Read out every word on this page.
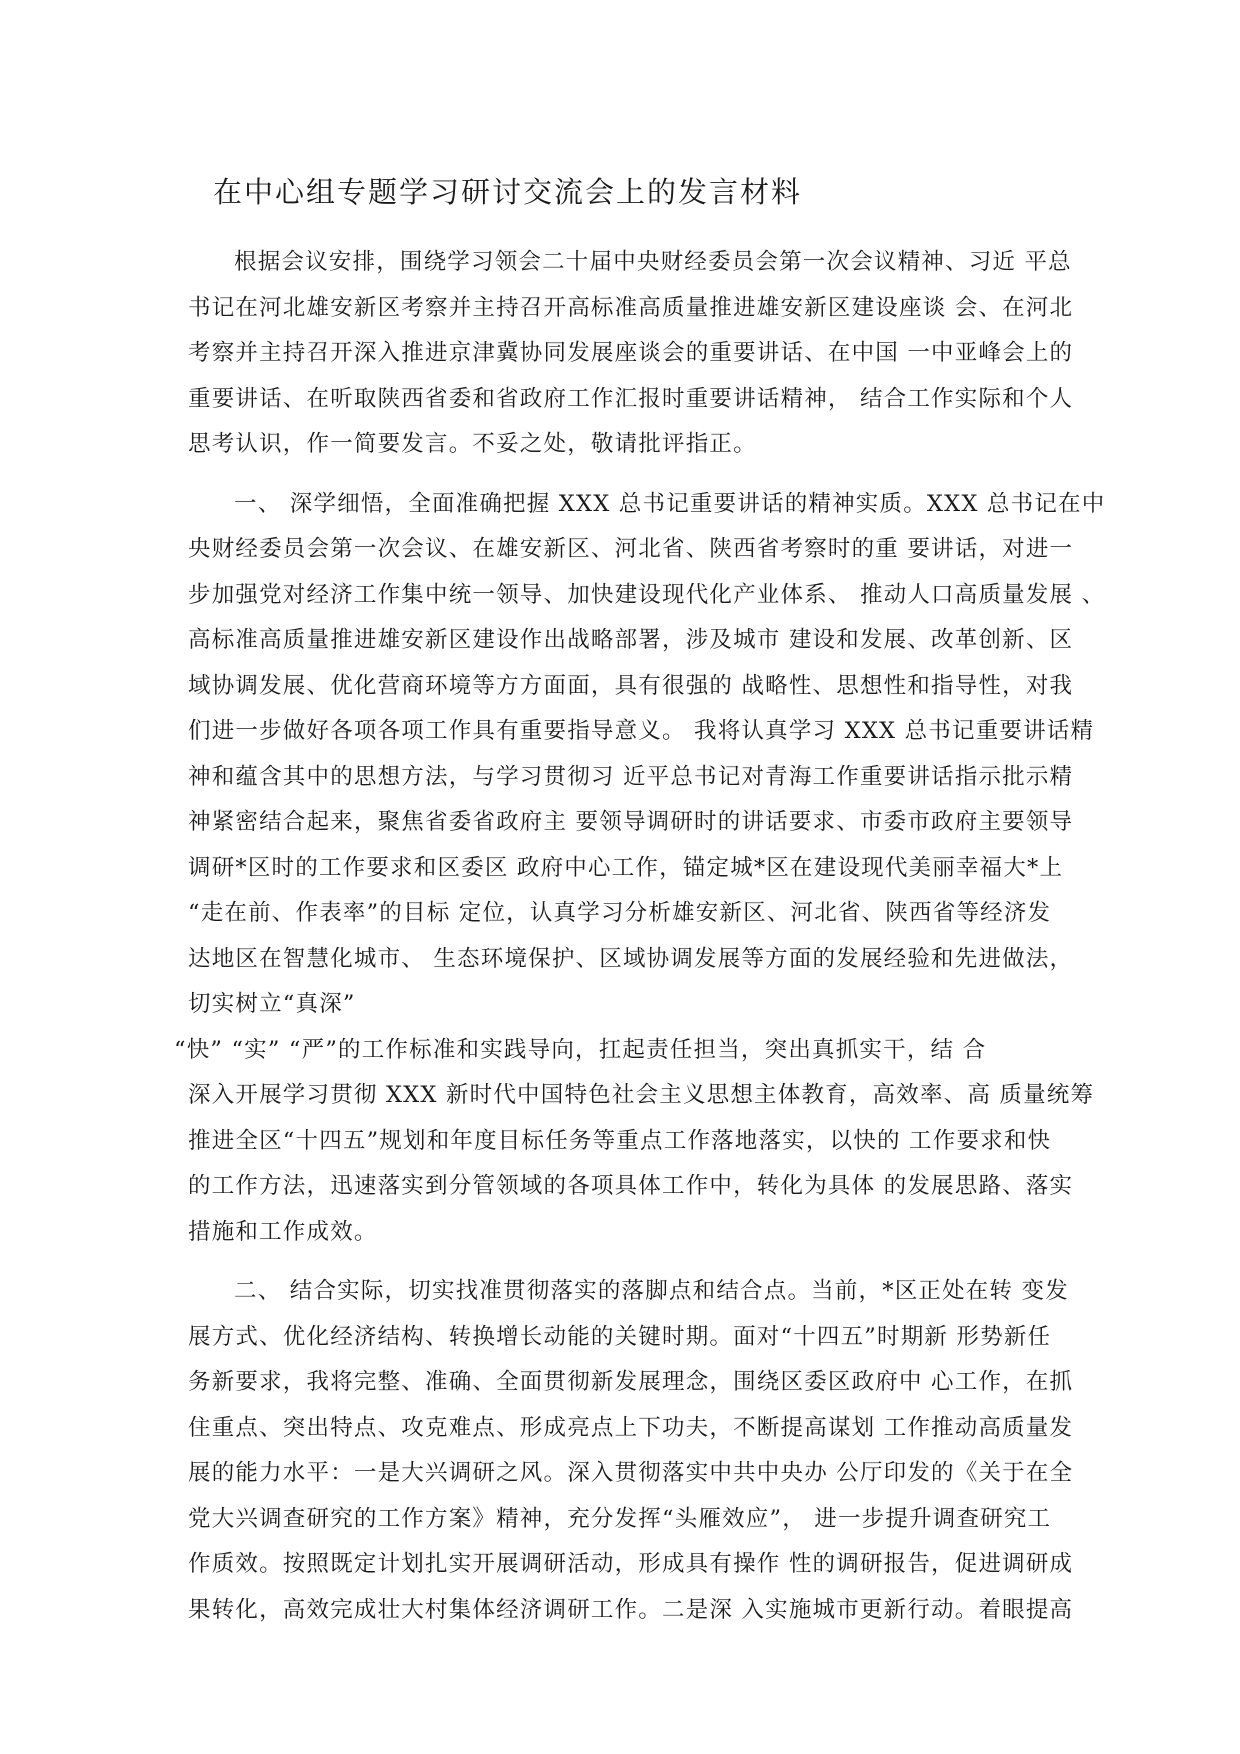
在中心组专题学习研讨交流会上的发言材料
根据会议安排，围绕学习领会二十届中央财经委员会第一次会议精神、习近 平总
书记在河北雄安新区考察并主持召开高标准高质量推进雄安新区建设座谈 会、在河北
考察并主持召开深入推进京津冀协同发展座谈会的重要讲话、在中国 一中亚峰会上的
重要讲话、在听取陕西省委和省政府工作汇报时重要讲话精神， 结合工作实际和个人
思考认识，作一简要发言。不妥之处，敬请批评指正。
一、 深学细悟，全面准确把握 XXX 总书记重要讲话的精神实质。XXX 总书记在中
央财经委员会第一次会议、在雄安新区、河北省、陕西省考察时的重 要讲话，对进一
步加强党对经济工作集中统一领导、加快建设现代化产业体系、 推动人口高质量发展 、
高标准高质量推进雄安新区建设作出战略部署，涉及城市 建设和发展、改革创新、区
域协调发展、优化营商环境等方方面面，具有很强的 战略性、思想性和指导性，对我
们进一步做好各项各项工作具有重要指导意义。 我将认真学习 XXX 总书记重要讲话精
神和蕴含其中的思想方法，与学习贯彻习 近平总书记对青海工作重要讲话指示批示精
神紧密结合起来，聚焦省委省政府主 要领导调研时的讲话要求、市委市政府主要领导
调研*区时的工作要求和区委区 政府中心工作，锚定城*区在建设现代美丽幸福大*上
“走在前、作表率”的目标 定位，认真学习分析雄安新区、河北省、陕西省等经济发
达地区在智慧化城市、 生态环境保护、区域协调发展等方面的发展经验和先进做法，
切实树立“真深”
“快” “实” “严”的工作标准和实践导向，扛起责任担当，突出真抓实干，结 合
深入开展学习贯彻 XXX 新时代中国特色社会主义思想主体教育，高效率、高 质量统筹
推进全区“十四五”规划和年度目标任务等重点工作落地落实，以快的 工作要求和快
的工作方法，迅速落实到分管领域的各项具体工作中，转化为具体 的发展思路、落实
措施和工作成效。
二、 结合实际，切实找准贯彻落实的落脚点和结合点。当前，*区正处在转 变发
展方式、优化经济结构、转换增长动能的关键时期。面对“十四五”时期新 形势新任
务新要求，我将完整、准确、全面贯彻新发展理念，围绕区委区政府中 心工作，在抓
住重点、突出特点、攻克难点、形成亮点上下功夫，不断提高谋划 工作推动高质量发
展的能力水平：一是大兴调研之风。深入贯彻落实中共中央办 公厅印发的《关于在全
党大兴调查研究的工作方案》精神，充分发挥“头雁效应”， 进一步提升调查研究工
作质效。按照既定计划扎实开展调研活动，形成具有操作 性的调研报告，促进调研成
果转化，高效完成壮大村集体经济调研工作。二是深 入实施城市更新行动。着眼提高
